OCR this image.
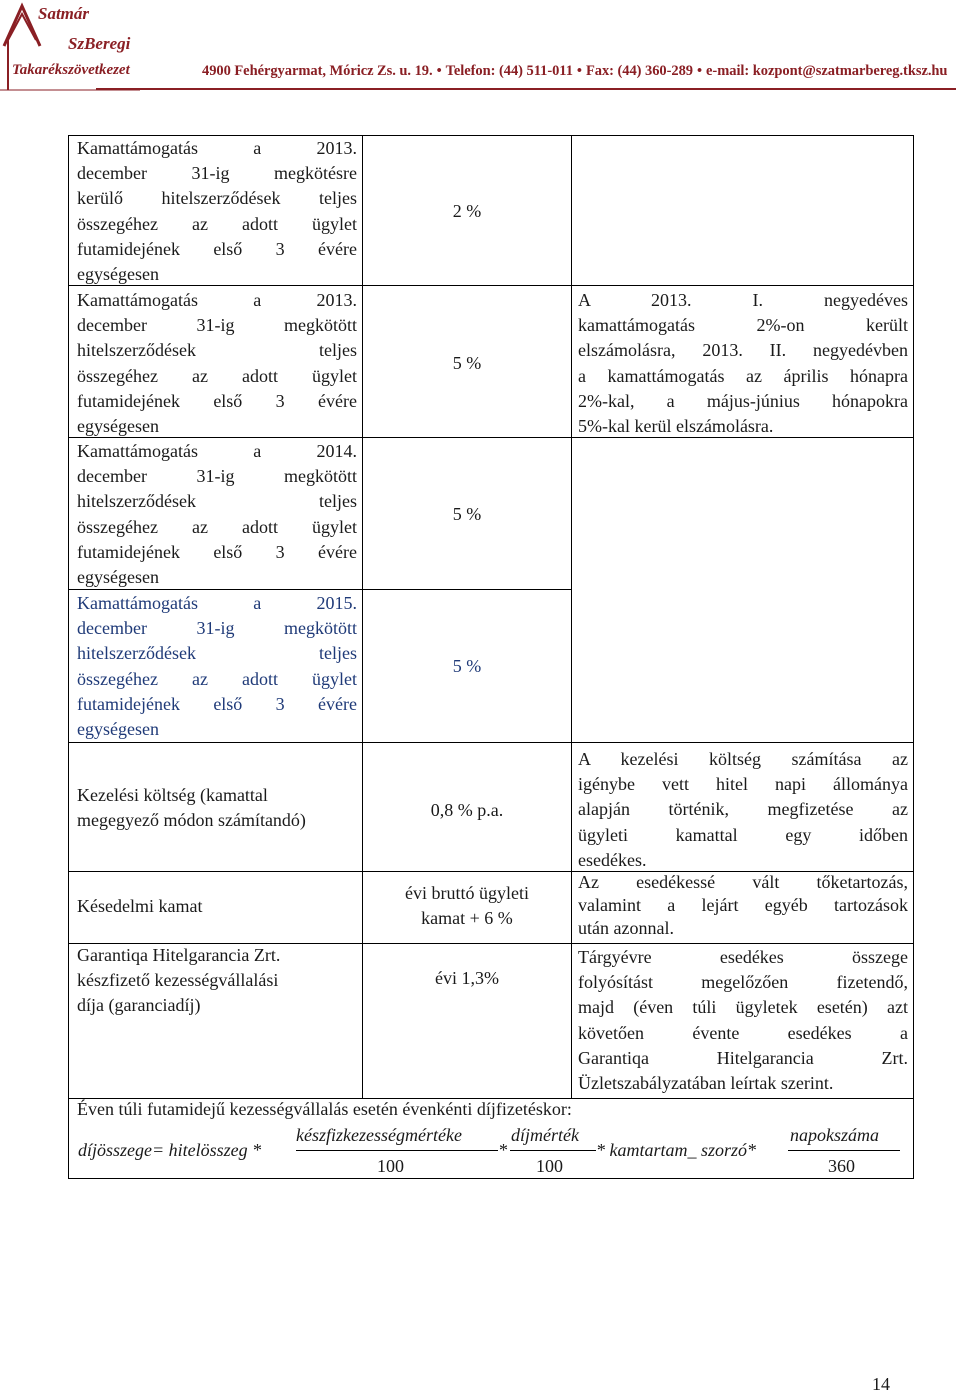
Satmár
SzBeregi
Takarékszövetkezet	4900 Fehérgyarmat, Móricz Zs. u. 19. • Telefon: (44) 511-011 • Fax: (44) 360-289 • e-mail: kozpont@szatmarbereg.tksz.hu
Kamattámogatás a 2013.
december 31-ig megkötésre
kerülő hitelszerződések teljes
összegéhez az adott ügylet
futamidejének első 3 évére
egységesen
2 %
Kamattámogatás a 2013.
december 31-ig megkötött
hitelszerződések teljes
összegéhez az adott ügylet
futamidejének első 3 évére
egységesen
5 %
A 2013. I. negyedéves
kamattámogatás 2%-on került
elszámolásra, 2013. II. negyedévben
a kamattámogatás az április hónapra
2%-kal, a május-június hónapokra
5%-kal kerül elszámolásra.
Kamattámogatás a 2014.
december 31-ig megkötött
hitelszerződések teljes
összegéhez az adott ügylet
futamidejének első 3 évére
egységesen
5 %
Kamattámogatás a 2015.
december 31-ig megkötött
hitelszerződések teljes
összegéhez az adott ügylet
futamidejének első 3 évére
egységesen
5 %
Kezelési költség (kamattal
megegyező módon számítandó)
0,8 % p.a.
A kezelési költség számítása az
igénybe vett hitel napi állománya
alapján történik, megfizetése az
ügyleti kamattal egy időben
esedékes.
Késedelmi kamat
évi bruttó ügyleti
kamat + 6 %
Az esedékessé vált tőketartozás,
valamint a lejárt egyéb tartozások
után azonnal.
Garantiqa Hitelgarancia Zrt.
készfizető kezességvállalási
díja (garanciadíj)
évi 1,3%
Tárgyévre esedékes összege
folyósítást megelőzően fizetendő,
majd (éven túli ügyletek esetén) azt
követően évente esedékes a
Garantiqa Hitelgarancia Zrt.
Üzletszabályzatában leírtak szerint.
Éven túli futamidejű kezességvállalás esetén évenkénti díjfizetéskor:
díjösszege= hitelösszeg *
készfizkezességmértéke
100
*
díjmérték
100
* kamtartam_ szorzó*
napokszáma
360
14
